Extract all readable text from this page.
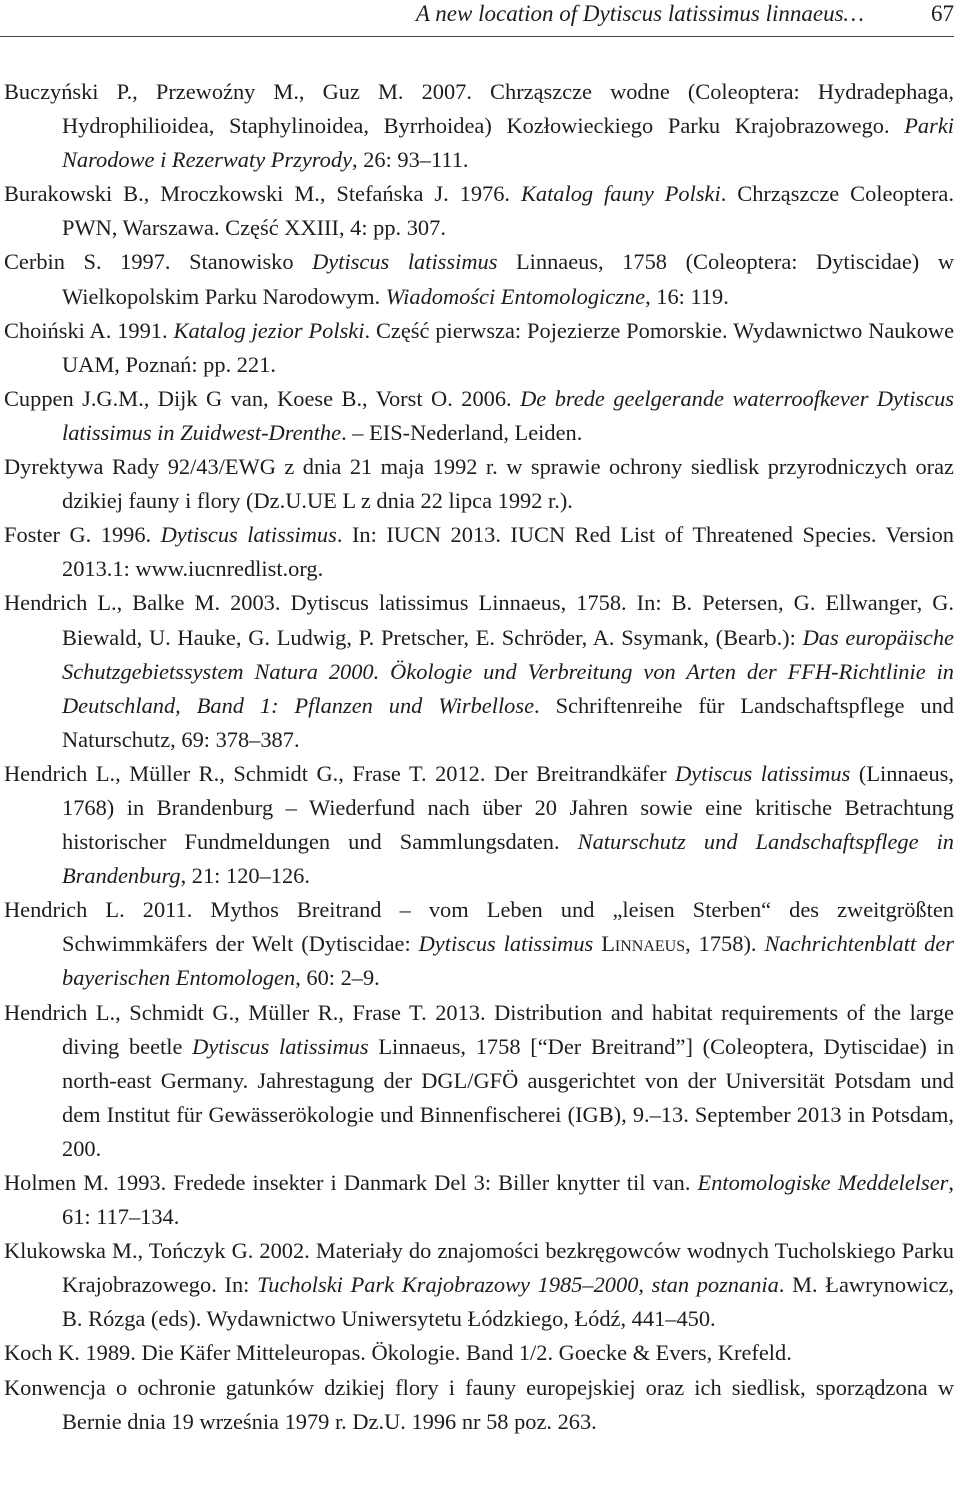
A new location of Dytiscus latissimus linnaeus…	67

Buczyński P., Przewoźny M., Guz M. 2007. Chrząszcze wodne (Coleoptera: Hydradephaga, Hydrophilioidea, Staphylinoidea, Byrrhoidea) Kozłowieckiego Parku Krajobrazowego. Parki Narodowe i Rezerwaty Przyrody, 26: 93–111.

Burakowski B., Mroczkowski M., Stefańska J. 1976. Katalog fauny Polski. Chrząszcze Coleoptera. PWN, Warszawa. Część XXIII, 4: pp. 307.

Cerbin S. 1997. Stanowisko Dytiscus latissimus Linnaeus, 1758 (Coleoptera: Dytiscidae) w Wielkopolskim Parku Narodowym. Wiadomości Entomologiczne, 16: 119.

Choiński A. 1991. Katalog jezior Polski. Część pierwsza: Pojezierze Pomorskie. Wydawnictwo Naukowe UAM, Poznań: pp. 221.

Cuppen J.G.M., Dijk G van, Koese B., Vorst O. 2006. De brede geelgerande waterroofkever Dytiscus latissimus in Zuidwest-Drenthe. – EIS-Nederland, Leiden.

Dyrektywa Rady 92/43/EWG z dnia 21 maja 1992 r. w sprawie ochrony siedlisk przyrodniczych oraz dzikiej fauny i flory (Dz.U.UE L z dnia 22 lipca 1992 r.).

Foster G. 1996. Dytiscus latissimus. In: IUCN 2013. IUCN Red List of Threatened Species. Version 2013.1: www.iucnredlist.org.

Hendrich L., Balke M. 2003. Dytiscus latissimus Linnaeus, 1758. In: B. Petersen, G. Ellwanger, G. Biewald, U. Hauke, G. Ludwig, P. Pretscher, E. Schröder, A. Ssymank, (Bearb.): Das europäische Schutzgebietssystem Natura 2000. Ökologie und Verbreitung von Arten der FFH-Richtlinie in Deutschland, Band 1: Pflanzen und Wirbellose. Schriftenreihe für Landschaftspflege und Naturschutz, 69: 378–387.

Hendrich L., Müller R., Schmidt G., Frase T. 2012. Der Breitrandkäfer Dytiscus latissimus (Linnaeus, 1768) in Brandenburg – Wiederfund nach über 20 Jahren sowie eine kritische Betrachtung historischer Fundmeldungen und Sammlungsdaten. Naturschutz und Landschaftspflege in Brandenburg, 21: 120–126.

Hendrich L. 2011. Mythos Breitrand – vom Leben und „leisen Sterben“ des zweitgrößten Schwimmkäfers der Welt (Dytiscidae: Dytiscus latissimus Linnaeus, 1758). Nachrichtenblatt der bayerischen Entomologen, 60: 2–9.

Hendrich L., Schmidt G., Müller R., Frase T. 2013. Distribution and habitat requirements of the large diving beetle Dytiscus latissimus Linnaeus, 1758 [“Der Breitrand”] (Coleoptera, Dytiscidae) in north-east Germany. Jahrestagung der DGL/GFÖ ausgerichtet von der Universität Potsdam und dem Institut für Gewässerökologie und Binnenfischerei (IGB), 9.–13. September 2013 in Potsdam, 200.

Holmen M. 1993. Fredede insekter i Danmark Del 3: Biller knytter til van. Entomologiske Meddelelser, 61: 117–134.

Klukowska M., Tończyk G. 2002. Materiały do znajomości bezkręgowców wodnych Tucholskiego Parku Krajobrazowego. In: Tucholski Park Krajobrazowy 1985–2000, stan poznania. M. Ławrynowicz, B. Rózga (eds). Wydawnictwo Uniwersytetu Łódzkiego, Łódź, 441–450.

Koch K. 1989. Die Käfer Mitteleuropas. Ökologie. Band 1/2. Goecke & Evers, Krefeld.

Konwencja o ochronie gatunków dzikiej flory i fauny europejskiej oraz ich siedlisk, sporządzona w Bernie dnia 19 września 1979 r. Dz.U. 1996 nr 58 poz. 263.
